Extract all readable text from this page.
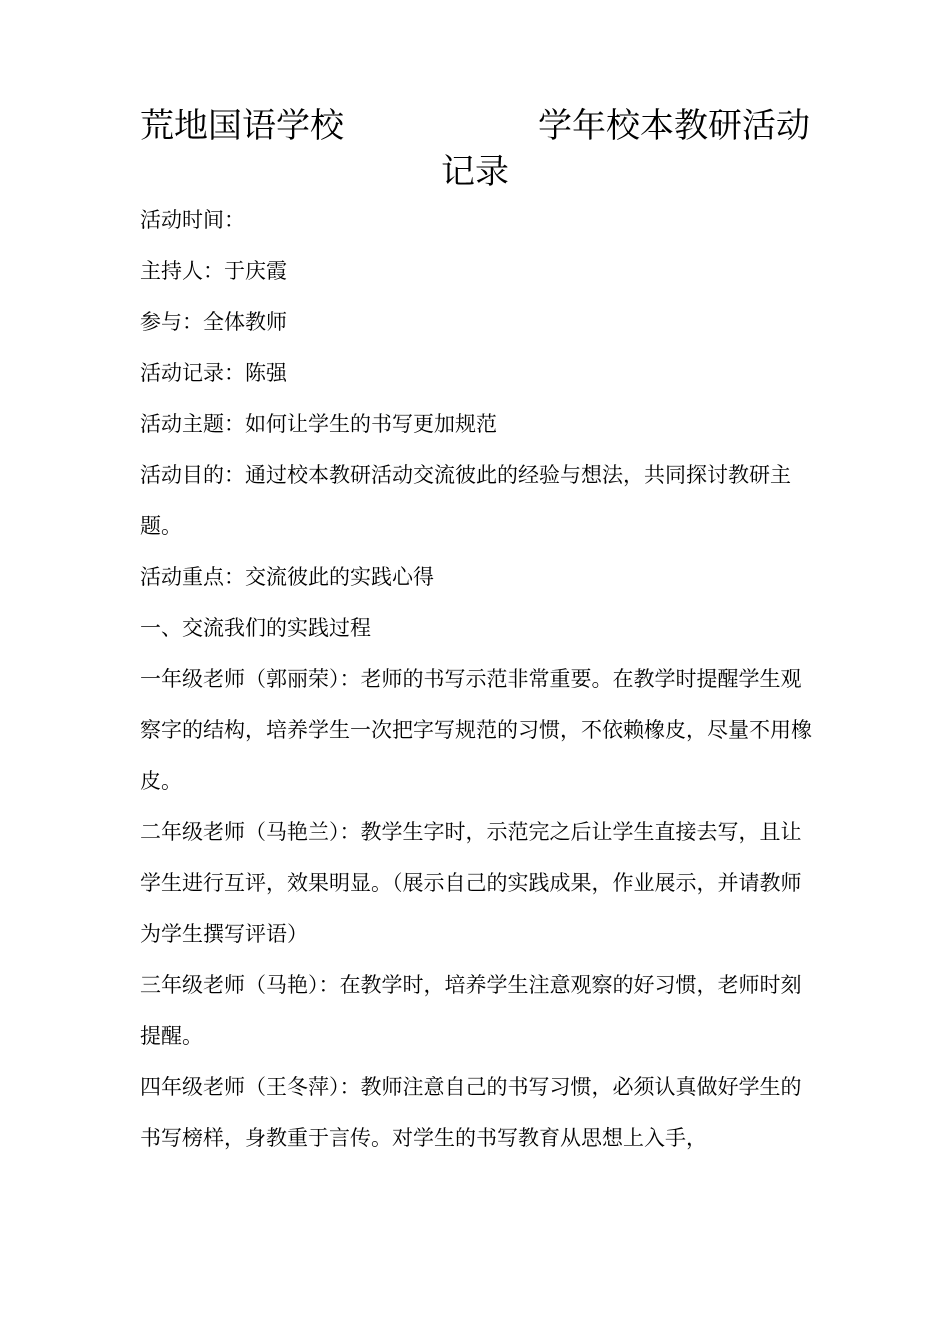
荒地国语学校	学年校本教研活动
记录

活动时间：

主持人：于庆霞

参与：全体教师

活动记录：陈强

活动主题：如何让学生的书写更加规范

活动目的：通过校本教研活动交流彼此的经验与想法，共同探讨教研主题。

活动重点：交流彼此的实践心得

一、交流我们的实践过程

一年级老师（郭丽荣）：老师的书写示范非常重要。在教学时提醒学生观察字的结构，培养学生一次把字写规范的习惯，不依赖橡皮，尽量不用橡皮。

二年级老师（马艳兰）：教学生字时，示范完之后让学生直接去写，且让学生进行互评，效果明显。（展示自己的实践成果，作业展示，并请教师为学生撰写评语）

三年级老师（马艳）：在教学时，培养学生注意观察的好习惯，老师时刻提醒。

四年级老师（王冬萍）：教师注意自己的书写习惯，必须认真做好学生的书写榜样，身教重于言传。对学生的书写教育从思想上入手，
